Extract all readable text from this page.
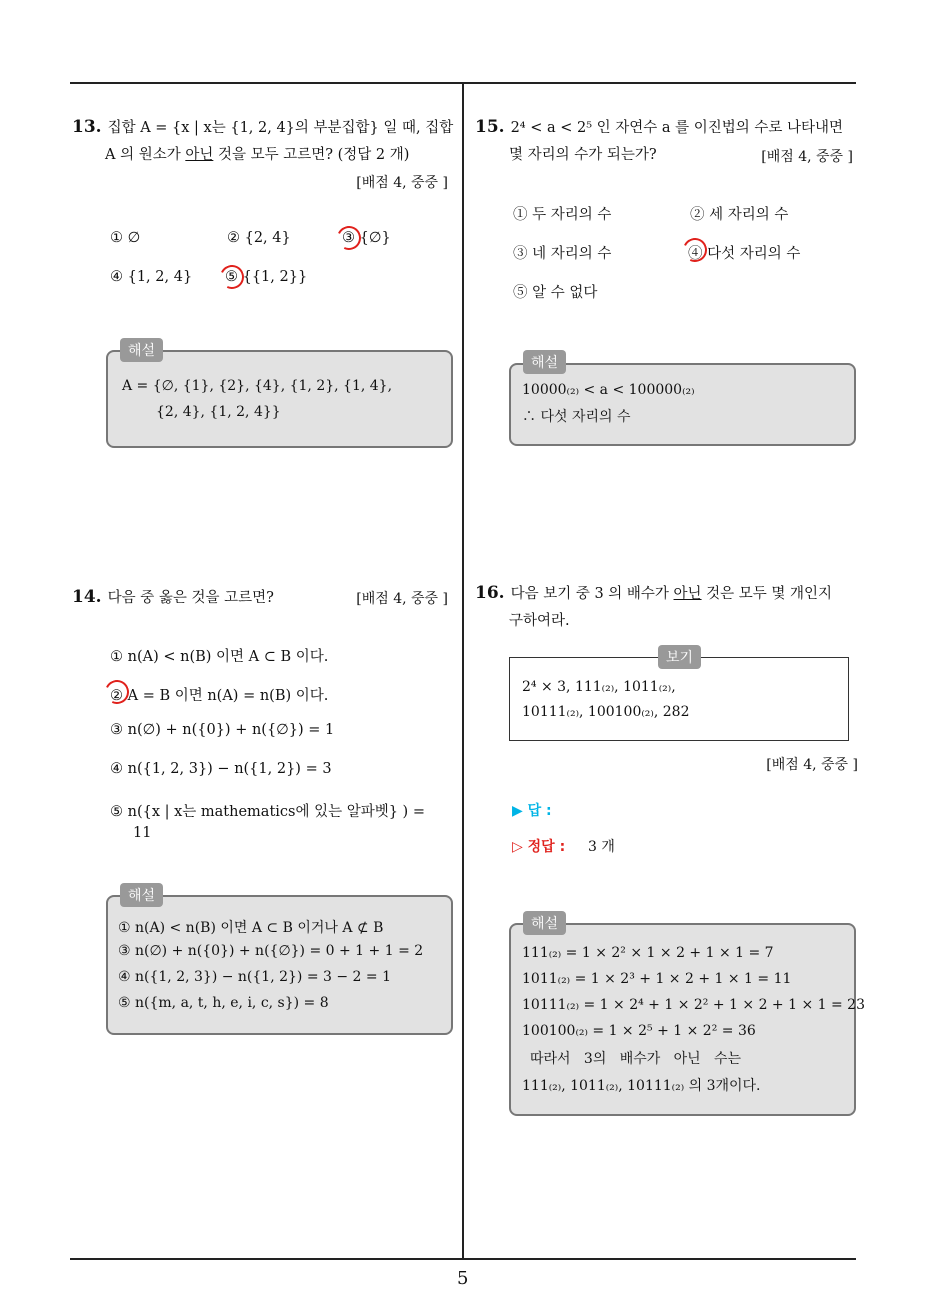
5
13. 집합 A = {x | x는 {1, 2, 4}의 부분집합} 일 때, 집합
A 의 원소가 아닌 것을 모두 고르면? (정답 2 개)
[배점 4, 중중 ]
① ∅	② {2, 4}	③ {∅}
④ {1, 2, 4} ⑤ {{1, 2}}
해설
A = {∅, {1}, {2}, {4}, {1, 2}, {1, 4},
{2, 4}, {1, 2, 4}}
14. 다음 중 옳은 것을 고르면?	[배점 4, 중중 ]
① n(A) < n(B) 이면 A ⊂ B 이다.
② A = B 이면 n(A) = n(B) 이다.
③ n(∅) + n({0}) + n({∅}) = 1
④ n({1, 2, 3}) − n({1, 2}) = 3
⑤ n({x | x는 mathematics에 있는 알파벳} ) =
11
해설
① n(A) < n(B) 이면 A ⊂ B 이거나 A ⊄ B
③ n(∅) + n({0}) + n({∅}) = 0 + 1 + 1 = 2
④ n({1, 2, 3}) − n({1, 2}) = 3 − 2 = 1
⑤ n({m, a, t, h, e, i, c, s}) = 8
15. 2⁴ < a < 2⁵ 인 자연수 a 를 이진법의 수로 나타내면
몇 자리의 수가 되는가?	[배점 4, 중중 ]
① 두 자리의 수	② 세 자리의 수
③ 네 자리의 수	④ 다섯 자리의 수
⑤ 알 수 없다
해설
10000₍₂₎ < a < 100000₍₂₎
∴ 다섯 자리의 수
16. 다음 보기 중 3 의 배수가 아닌 것은 모두 몇 개인지
구하여라.
보기
2⁴ × 3, 111₍₂₎, 1011₍₂₎,
10111₍₂₎, 100100₍₂₎, 282
[배점 4, 중중 ]
▶ 답 :
▷ 정답 : 3 개
해설
111₍₂₎ = 1 × 2² × 1 × 2 + 1 × 1 = 7
1011₍₂₎ = 1 × 2³ + 1 × 2 + 1 × 1 = 11
10111₍₂₎ = 1 × 2⁴ + 1 × 2² + 1 × 2 + 1 × 1 = 23
100100₍₂₎ = 1 × 2⁵ + 1 × 2² = 36
따라서   3의   배수가   아닌   수는
111₍₂₎, 1011₍₂₎, 10111₍₂₎ 의 3개이다.
